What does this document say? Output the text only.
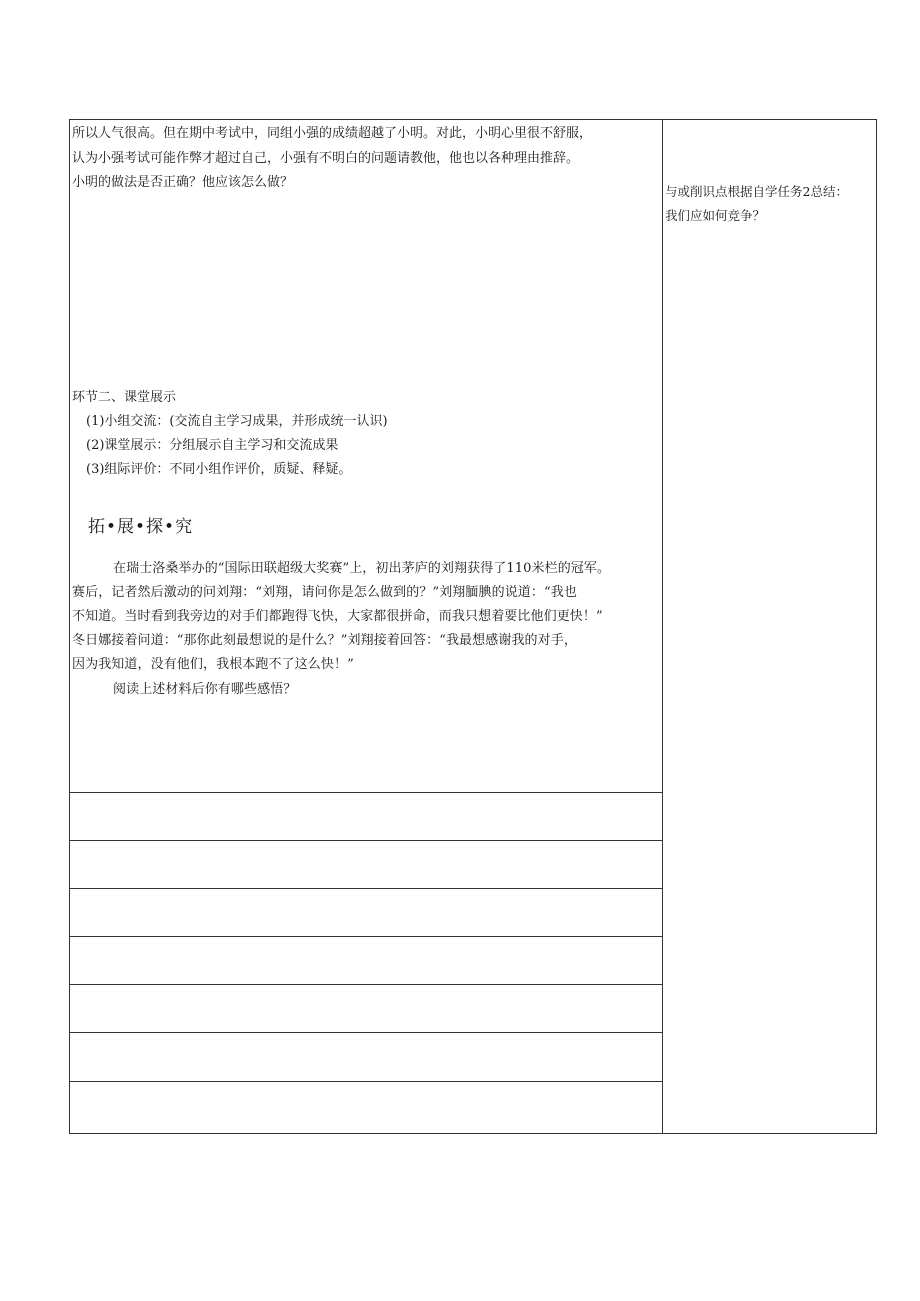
所以人气很高。但在期中考试中，同组小强的成绩超越了小明。对此，小明心里很不舒服，
认为小强考试可能作弊才超过自己，小强有不明白的问题请教他，他也以各种理由推辞。
小明的做法是否正确？他应该怎么做？
环节二、课堂展示
(1)小组交流：(交流自主学习成果，并形成统一认识)
(2)课堂展示：分组展示自主学习和交流成果
(3)组际评价：不同小组作评价，质疑、释疑。
拓•展•探•究
在瑞士洛桑举办的“国际田联超级大奖赛”上，初出茅庐的刘翔获得了110米栏的冠军。
赛后，记者然后激动的问刘翔：“刘翔，请问你是怎么做到的？”刘翔腼腆的说道：“我也
不知道。当时看到我旁边的对手们都跑得飞快，大家都很拼命，而我只想着要比他们更快！”
冬日娜接着问道：“那你此刻最想说的是什么？”刘翔接着回答：“我最想感谢我的对手，
因为我知道，没有他们，我根本跑不了这么快！”
阅读上述材料后你有哪些感悟？
与或削识点根据自学任务2总结：
我们应如何竞争？
